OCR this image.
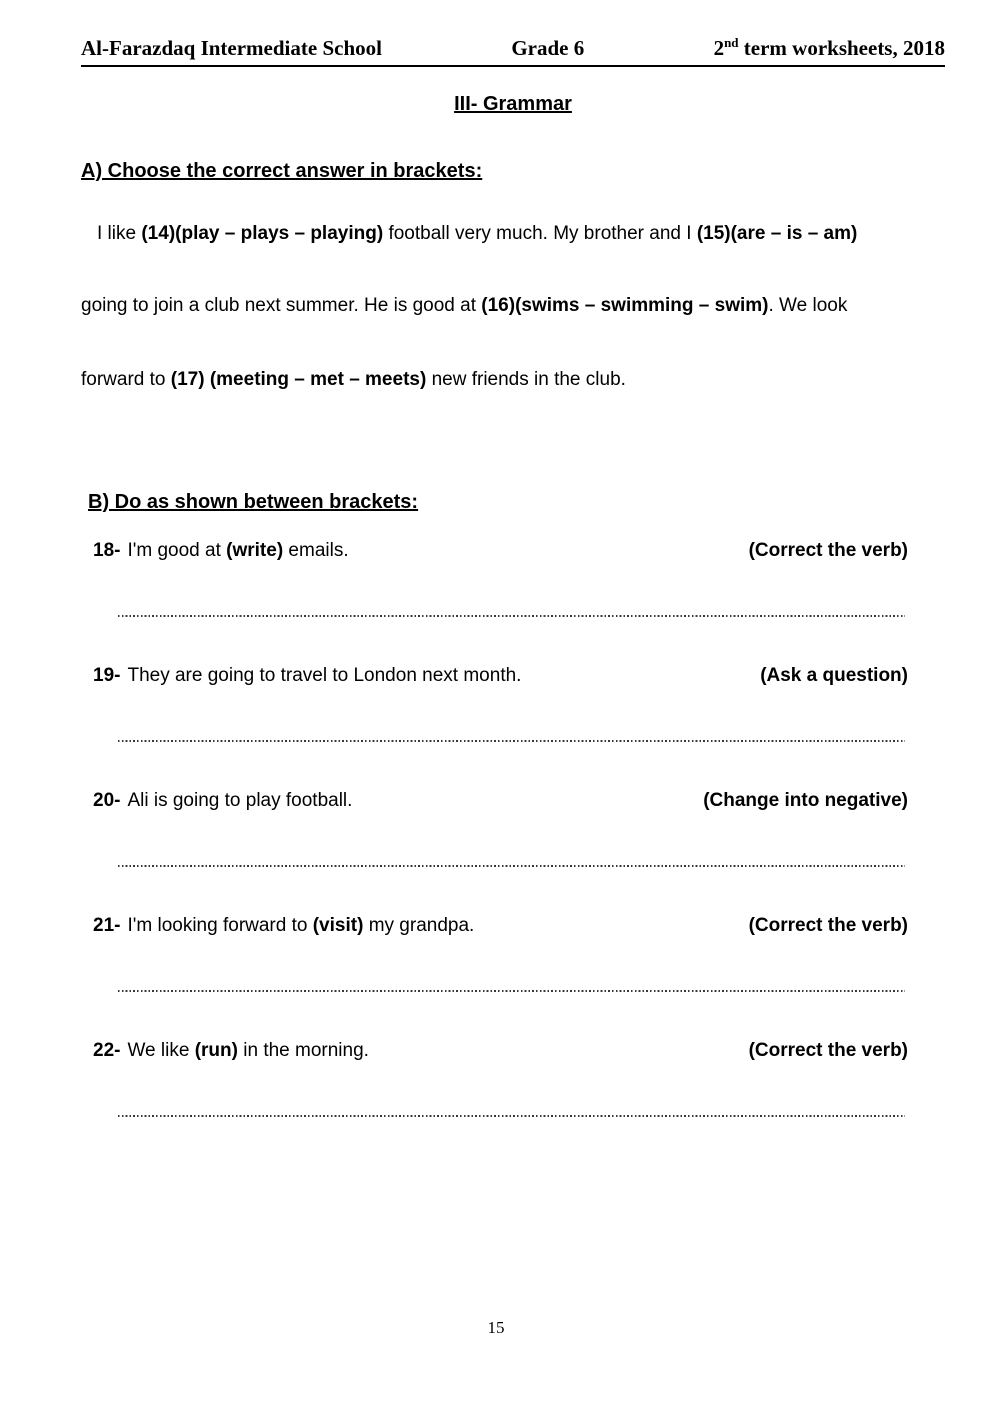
Al-Farazdaq Intermediate School	Grade 6	2nd term worksheets, 2018
III- Grammar
A) Choose the correct answer in brackets:

I like (14)(play – plays – playing) football very much. My brother and I (15)(are – is – am)

going to join a club next summer. He is good at (16)(swims – swimming – swim). We look

forward to (17) (meeting – met – meets) new friends in the club.

B) Do as shown between brackets:
18- I'm good at (write) emails.	(Correct the verb)
19- They are going to travel to London next month.	(Ask a question)
20- Ali is going to play football.	(Change into negative)
21- I'm looking forward to (visit) my grandpa.	(Correct the verb)
22- We like (run) in the morning.	(Correct the verb)
15
